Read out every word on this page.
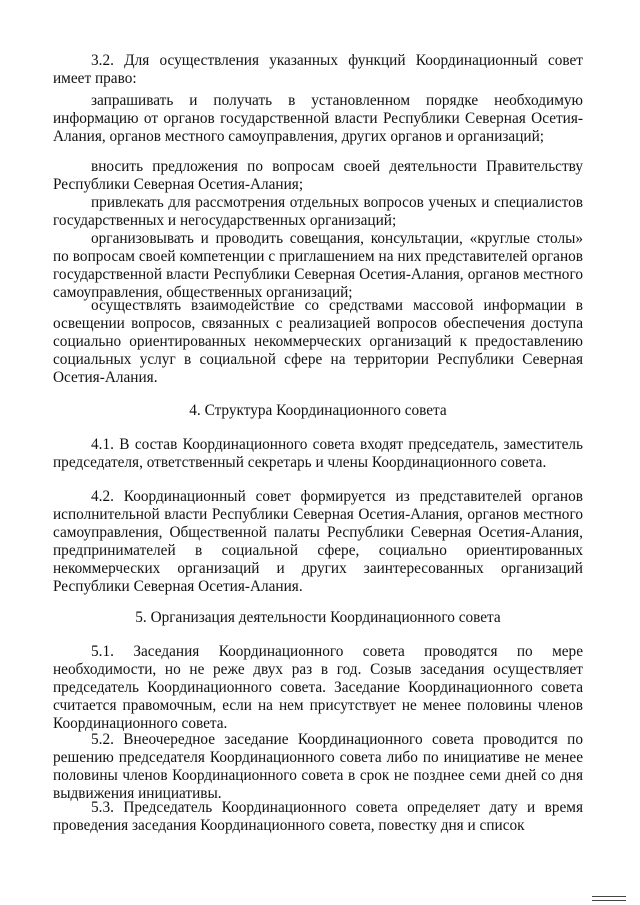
3.2. Для осуществления указанных функций Координационный совет имеет право:

запрашивать и получать в установленном порядке необходимую информацию от органов государственной власти Республики Северная Осетия-Алания, органов местного самоуправления, других органов и организаций;

вносить предложения по вопросам своей деятельности Правительству Республики Северная Осетия-Алания;

привлекать для рассмотрения отдельных вопросов ученых и специалистов государственных и негосударственных организаций;

организовывать и проводить совещания, консультации, «круглые столы» по вопросам своей компетенции с приглашением на них представителей органов государственной власти Республики Северная Осетия-Алания, органов местного самоуправления, общественных организаций;

осуществлять взаимодействие со средствами массовой информации в освещении вопросов, связанных с реализацией вопросов обеспечения доступа социально ориентированных некоммерческих организаций к предоставлению социальных услуг в социальной сфере на территории Республики Северная Осетия-Алания.

4. Структура Координационного совета

4.1. В состав Координационного совета входят председатель, заместитель председателя, ответственный секретарь и члены Координационного совета.

4.2. Координационный совет формируется из представителей органов исполнительной власти Республики Северная Осетия-Алания, органов местного самоуправления, Общественной палаты Республики Северная Осетия-Алания, предпринимателей в социальной сфере, социально ориентированных некоммерческих организаций и других заинтересованных организаций Республики Северная Осетия-Алания.

5. Организация деятельности Координационного совета

5.1. Заседания Координационного совета проводятся по мере необходимости, но не реже двух раз в год. Созыв заседания осуществляет председатель Координационного совета. Заседание Координационного совета считается правомочным, если на нем присутствует не менее половины членов Координационного совета.

5.2. Внеочередное заседание Координационного совета проводится по решению председателя Координационного совета либо по инициативе не менее половины членов Координационного совета в срок не позднее семи дней со дня выдвижения инициативы.

5.3. Председатель Координационного совета определяет дату и время проведения заседания Координационного совета, повестку дня и список
